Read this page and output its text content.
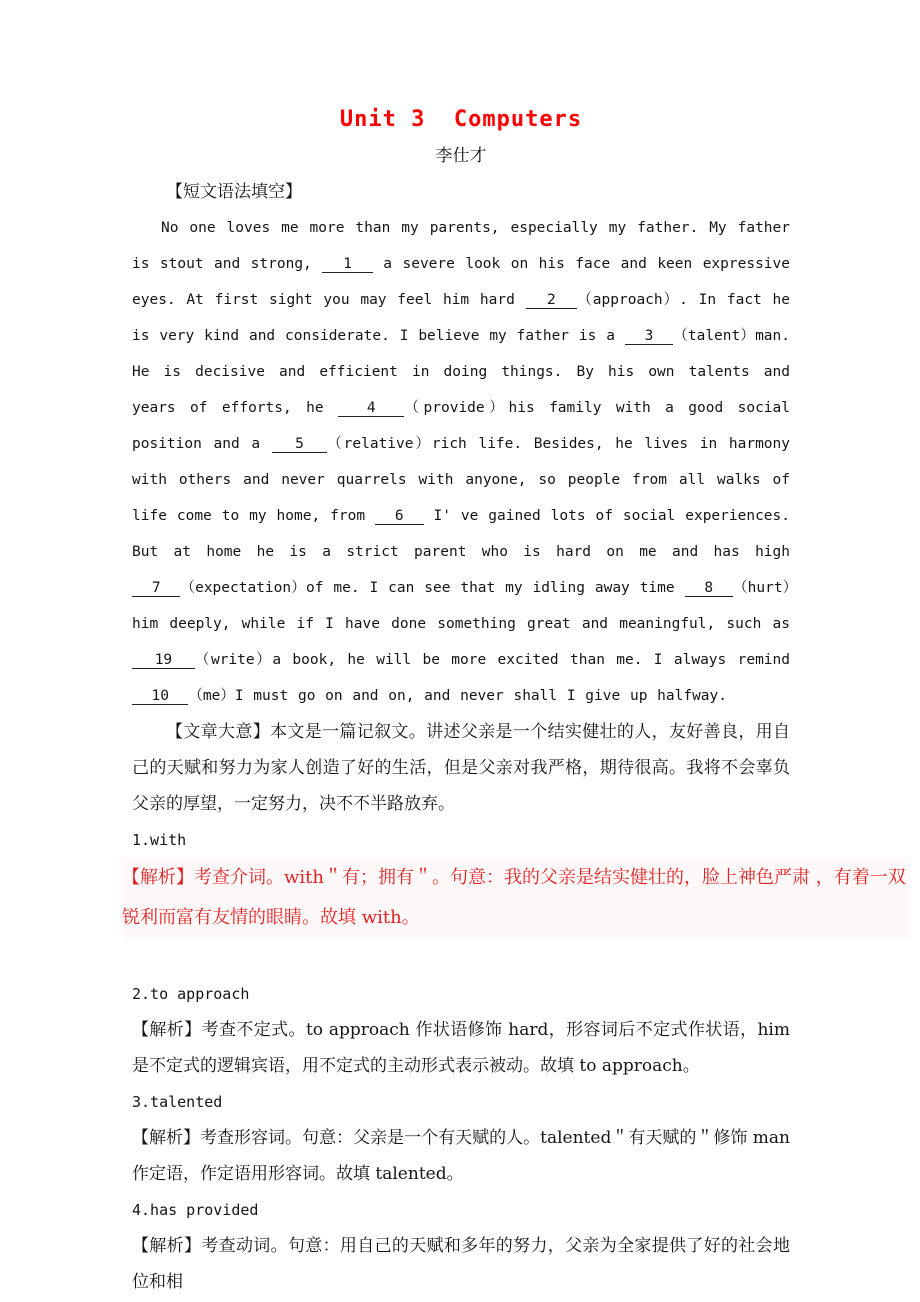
Unit 3  Computers
李仕才
【短文语法填空】

No one loves me more than my parents, especially my father. My father is stout and strong,   1   a severe look on his face and keen expressive eyes. At first sight you may feel him hard   2  （approach）. In fact he is very kind and considerate. I believe my father is a   3  （talent）man. He is decisive and efficient in doing things. By his own talents and years of efforts, he   4  （provide）his family with a good social position and a   5  （relative）rich life. Besides, he lives in harmony with others and never quarrels with anyone, so people from all walks of life come to my home, from   6   I' ve gained lots of social experiences. But at home he is a strict parent who is hard on me and has high   7  （expectation）of me. I can see that my idling away time   8  （hurt）him deeply, while if I have done something great and meaningful, such as   19  （write）a book, he will be more excited than me. I always remind   10  （me）I must go on and on, and never shall I give up halfway.

【文章大意】本文是一篇记叙文。讲述父亲是一个结实健壮的人，友好善良，用自己的天赋和努力为家人创造了好的生活，但是父亲对我严格，期待很高。我将不会辜负父亲的厚望，一定努力，决不不半路放弃。

1.with

【解析】考查介词。with＂有；拥有＂。句意：我的父亲是结实健壮的，脸上神色严肃 ，有着一双锐利而富有友情的眼睛。故填 with。

2.to approach

【解析】考查不定式。to approach 作状语修饰 hard，形容词后不定式作状语，him 是不定式的逻辑宾语，用不定式的主动形式表示被动。故填 to approach。

3.talented

【解析】考查形容词。句意：父亲是一个有天赋的人。talented＂有天赋的＂修饰 man 作定语，作定语用形容词。故填 talented。

4.has provided

【解析】考查动词。句意：用自己的天赋和多年的努力，父亲为全家提供了好的社会地位和相
